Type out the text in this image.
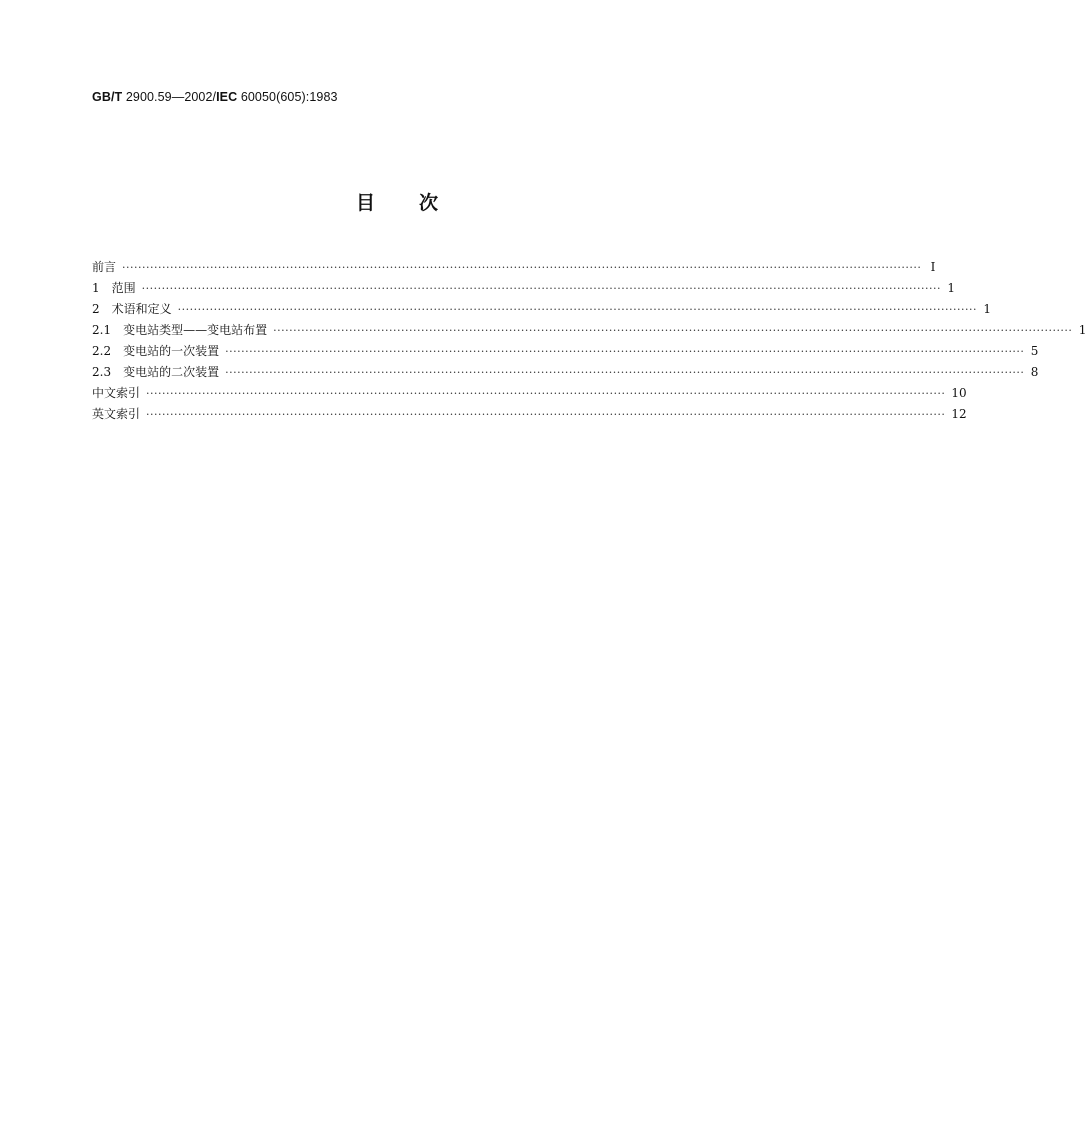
GB/T 2900.59—2002/IEC 60050(605):1983
目 次
前言 ········································································································································································································ I
1 范围 ········································································································································································································ 1
2 术语和定义 ········································································································································································································ 1
2.1 变电站类型——变电站布置 ········································································································································································································ 1
2.2 变电站的一次装置 ········································································································································································································ 5
2.3 变电站的二次装置 ········································································································································································································ 8
中文索引 ········································································································································································································ 10
英文索引 ········································································································································································································ 12
